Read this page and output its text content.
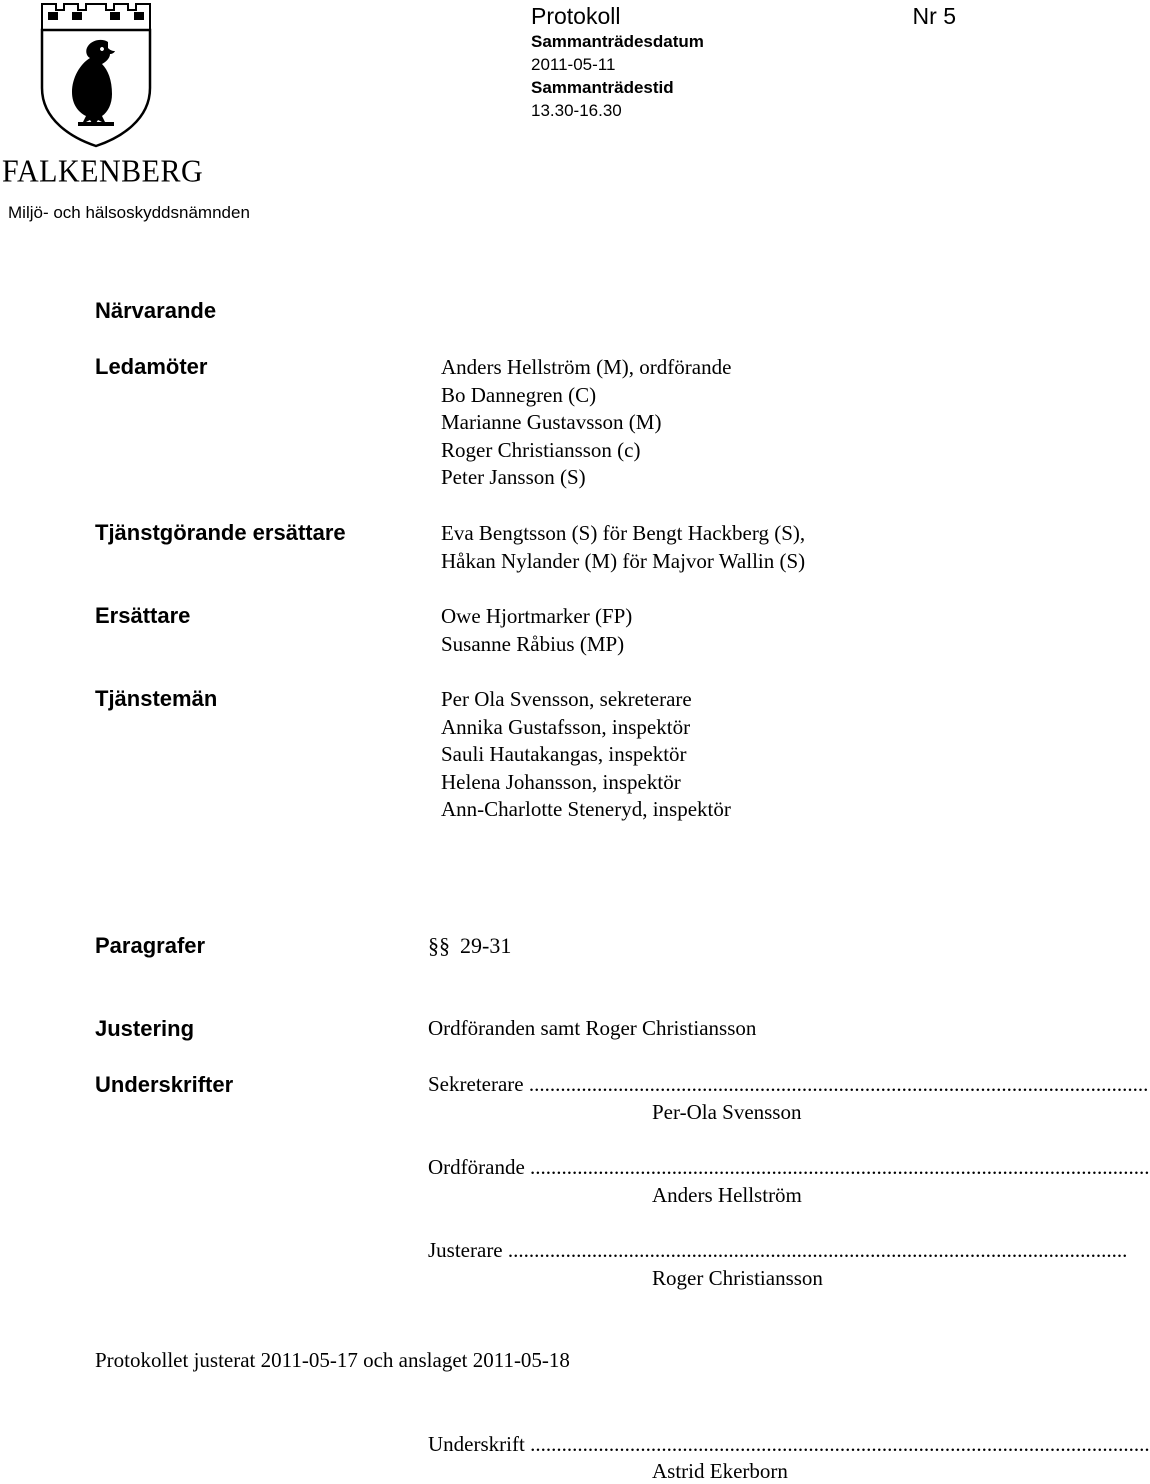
FALKENBERG
Miljö- och hälsoskyddsnämnden
Protokoll	Nr 5
Sammanträdesdatum
2011-05-11
Sammanträdestid
13.30-16.30
Närvarande
Ledamöter	Anders Hellström (M), ordförande
Bo Dannegren (C)
Marianne Gustavsson (M)
Roger Christiansson (c)
Peter Jansson (S)
Tjänstgörande ersättare	Eva Bengtsson (S) för Bengt Hackberg (S),
Håkan Nylander (M) för Majvor Wallin (S)
Ersättare	Owe Hjortmarker (FP)
Susanne Råbius (MP)
Tjänstemän	Per Ola Svensson, sekreterare
Annika Gustafsson, inspektör
Sauli Hautakangas, inspektör
Helena Johansson, inspektör
Ann-Charlotte Steneryd, inspektör
Paragrafer	§§ 29-31
Justering	Ordföranden samt Roger Christiansson
Underskrifter	Sekreterare ......................................................................................................................
Per-Ola Svensson
Ordförande ......................................................................................................................
Anders Hellström
Justerare ......................................................................................................................
Roger Christiansson
Protokollet justerat 2011-05-17 och anslaget 2011-05-18
Underskrift ......................................................................................................................
Astrid Ekerborn
